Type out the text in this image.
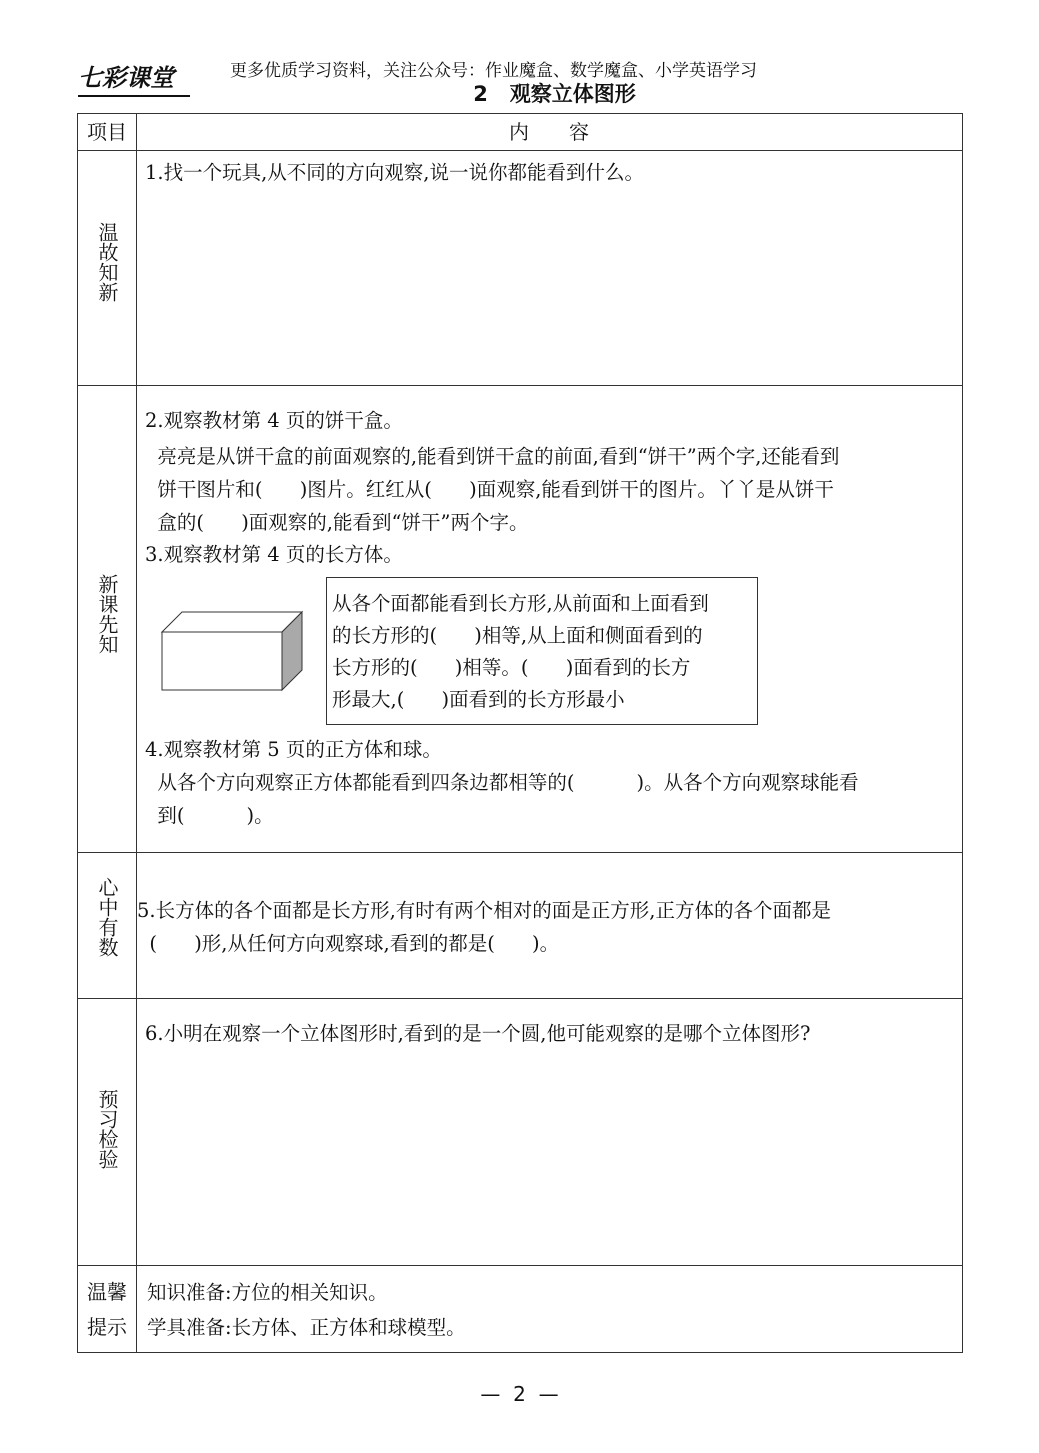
七彩课堂	更多优质学习资料，关注公众号：作业魔盒、数学魔盒、小学英语学习
2   观察立体图形
项目	内　　容
温故知新
1.找一个玩具,从不同的方向观察,说一说你都能看到什么。
新课先知
2.观察教材第 4 页的饼干盒。
亮亮是从饼干盒的前面观察的,能看到饼干盒的前面,看到“饼干”两个字,还能看到
饼干图片和(      )图片。红红从(      )面观察,能看到饼干的图片。丫丫是从饼干
盒的(      )面观察的,能看到“饼干”两个字。
3.观察教材第 4 页的长方体。
4.观察教材第 5 页的正方体和球。
从各个方向观察正方体都能看到四条边都相等的(          )。从各个方向观察球能看
到(          )。
心中有数 5.长方体的各个面都是长方形,有时有两个相对的面是正方形,正方体的各个面都是
(      )形,从任何方向观察球,看到的都是(      )。
预习检验
6.小明在观察一个立体图形时,看到的是一个圆,他可能观察的是哪个立体图形?
温馨
提示
知识准备:方位的相关知识。
学具准备:长方体、正方体和球模型。
从各个面都能看到长方形,从前面和上面看到
的长方形的(      )相等,从上面和侧面看到的
长方形的(      )相等。(      )面看到的长方
形最大,(      )面看到的长方形最小
—  2  —
